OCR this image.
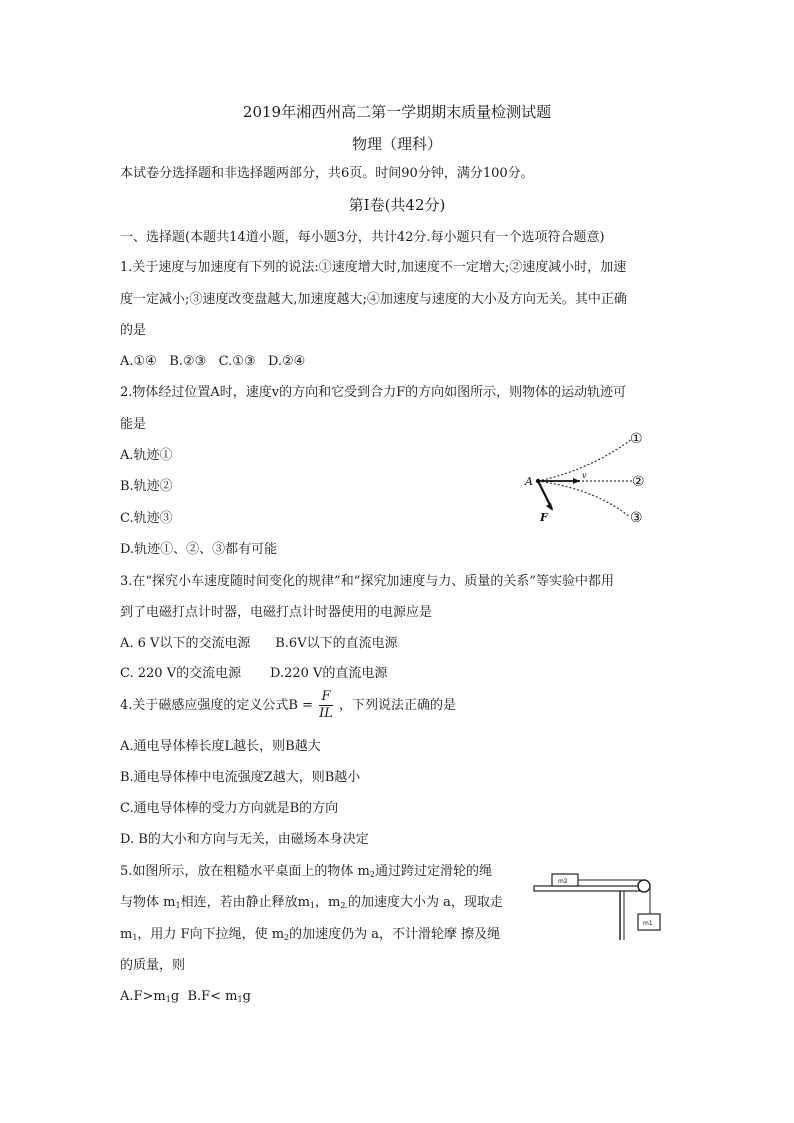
2019年湘西州高二第一学期期末质量检测试题
物理（理科）
本试卷分选择题和非选择题两部分，共6页。时间90分钟，满分100分。
第Ⅰ卷(共42分)
一、选择题(本题共14道小题，每小题3分，共计42分.每小题只有一个选项符合题意)
1.关于速度与加速度有下列的说法:①速度增大时,加速度不一定增大;②速度减小时，加速
度一定减小;③速度改变盘越大,加速度越大;④加速度与速度的大小及方向无关。其中正确
的是
A.①④   B.②③   C.①③   D.②④
2.物体经过位置A时，速度v的方向和它受到合力F的方向如图所示，则物体的运动轨迹可
能是
A.轨迹①
B.轨迹②
C.轨迹③
D.轨迹①、②、③都有可能
A	v
F
①
②
③
3.在“探究小车速度随时间变化的规律”和“探究加速度与力、质量的关系”等实验中都用
到了电磁打点计时器，电磁打点计时器使用的电源应是
A. 6 V以下的交流电源      B.6V以下的直流电源
C. 220 V的交流电源       D.220 V的直流电源
4.关于磁感应强度的定义公式$B = \frac{F}{IL}$ ，下列说法正确的是
A.通电导体棒长度L越长，则B越大
B.通电导体棒中电流强度Z越大，则B越小
C.通电导体棒的受力方向就是B的方向
D. B的大小和方向与无关，由磁场本身决定
5.如图所示，放在粗糙水平桌面上的物体 $m_2$通过跨过定滑轮的绳
与物体 $m_1$相连，若由静止释放$m_1$，$m_{2.}$的加速度大小为 a，现取走
$m_1$，用力 F向下拉绳，使 $m_2$的加速度仍为 a，不计滑轮摩 擦及绳
的质量，则
$A.F>m_1g$  $B.F< m_1g$
m2
m1
